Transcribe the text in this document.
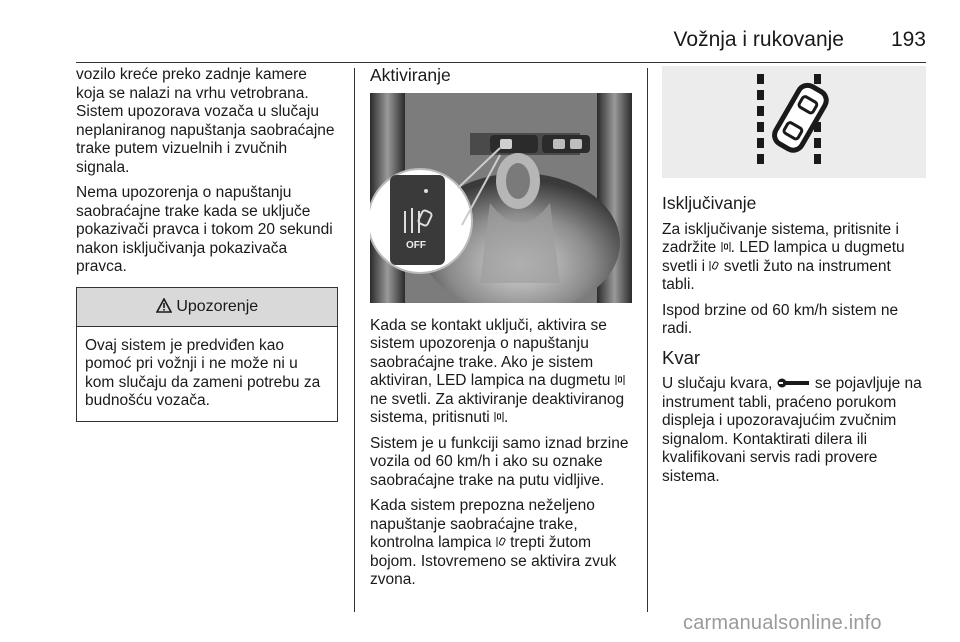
Vožnja i rukovanje 193

vozilo kreće preko zadnje kamere koja se nalazi na vrhu vetrobrana. Sistem upozorava vozača u slučaju neplaniranog napuštanja saobraćajne trake putem vizuelnih i zvučnih signala.

Nema upozorenja o napuštanju saobraćajne trake kada se uključe pokazivači pravca i tokom 20 sekundi nakon isključivanja pokazivača pravca.

Upozorenje
Ovaj sistem je predviđen kao pomoć pri vožnji i ne može ni u kom slučaju da zameni potrebu za budnošću vozača.
Aktiviranje
OFF

Kada se kontakt uključi, aktivira se sistem upozorenja o napuštanju saobraćajne trake. Ako je sistem aktiviran, LED lampica na dugmetu  ne svetli. Za aktiviranje deaktiviranog sistema, pritisnuti .

Sistem je u funkciji samo iznad brzine vozila od 60 km/h i ako su oznake saobraćajne trake na putu vidljive.

Kada sistem prepozna neželjeno napuštanje saobraćajne trake, kontrolna lampica trepti žutom bojom. Istovremeno se aktivira zvuk zvona.

Isključivanje

Za isključivanje sistema, pritisnite i zadržite . LED lampica u dugmetu svetli i svetli žuto na instrument tabli.

Ispod brzine od 60 km/h sistem ne radi.

Kvar

U slučaju kvara,	se pojavljuje na instrument tabli, praćeno porukom displeja i upozoravajućim zvučnim signalom. Kontaktirati dilera ili kvalifikovani servis radi provere sistema.

carmanualsonline.info
